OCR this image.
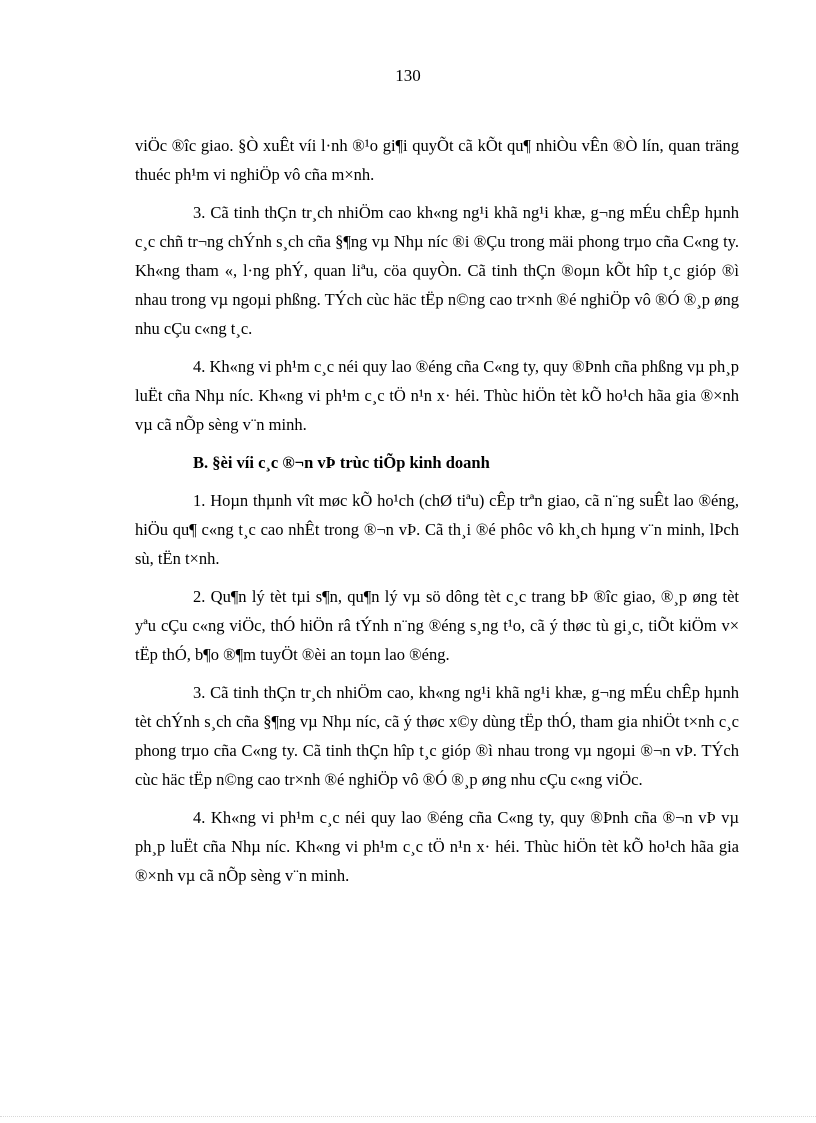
130

viÖc ®îc giao. §Ò xuÊt víi l·nh ®¹o gi¶i quyÕt cã kÕt qu¶ nhiÒu vÊn ®Ò lín, quan träng thuéc ph¹m vi nghiÖp vô cña m×nh.

3. Cã tinh thÇn tr¸ch nhiÖm cao kh«ng ng¹i khã ng¹i khæ, g¬ng mÉu chÊp hµnh c¸c chñ tr¬ng chÝnh s¸ch cña §¶ng vµ Nhµ níc ®i ®Çu trong mäi phong trµo cña C«ng ty. Kh«ng tham «, l·ng phÝ, quan liªu, cöa quyÒn. Cã tinh thÇn ®oµn kÕt hîp t¸c gióp ®ì nhau trong vµ ngoµi phßng. TÝch cùc häc tËp n©ng cao tr×nh ®é nghiÖp vô ®Ó ®¸p øng nhu cÇu c«ng t¸c.

4. Kh«ng vi ph¹m c¸c néi quy lao ®éng cña C«ng ty, quy ®Þnh cña phßng vµ ph¸p luËt cña Nhµ níc. Kh«ng vi ph¹m c¸c tÖ n¹n x· héi. Thùc hiÖn tèt kÕ ho¹ch hãa gia ®×nh vµ cã nÕp sèng v¨n minh.

B. §èi víi c¸c ®¬n vÞ trùc tiÕp kinh doanh

1. Hoµn thµnh vît møc kÕ ho¹ch (chØ tiªu) cÊp trªn giao, cã n¨ng suÊt lao ®éng, hiÖu qu¶ c«ng t¸c cao nhÊt trong ®¬n vÞ. Cã th¸i ®é phôc vô kh¸ch hµng v¨n minh, lÞch sù, tËn t×nh.

2. Qu¶n lý tèt tµi s¶n, qu¶n lý vµ sö dông tèt c¸c trang bÞ ®îc giao, ®¸p øng tèt yªu cÇu c«ng viÖc, thÓ hiÖn râ tÝnh n¨ng ®éng s¸ng t¹o, cã ý thøc tù gi¸c, tiÕt kiÖm v× tËp thÓ, b¶o ®¶m tuyÖt ®èi an toµn lao ®éng.

3. Cã tinh thÇn tr¸ch nhiÖm cao, kh«ng ng¹i khã ng¹i khæ, g¬ng mÉu chÊp hµnh tèt chÝnh s¸ch cña §¶ng vµ Nhµ níc, cã ý thøc x©y dùng tËp thÓ, tham gia nhiÖt t×nh c¸c phong trµo cña C«ng ty. Cã tinh thÇn hîp t¸c gióp ®ì nhau trong vµ ngoµi ®¬n vÞ. TÝch cùc häc tËp n©ng cao tr×nh ®é nghiÖp vô ®Ó ®¸p øng nhu cÇu c«ng viÖc.

4. Kh«ng vi ph¹m c¸c néi quy lao ®éng cña C«ng ty, quy ®Þnh cña ®¬n vÞ vµ ph¸p luËt cña Nhµ níc. Kh«ng vi ph¹m c¸c tÖ n¹n x· héi. Thùc hiÖn tèt kÕ ho¹ch hãa gia ®×nh vµ cã nÕp sèng v¨n minh.
